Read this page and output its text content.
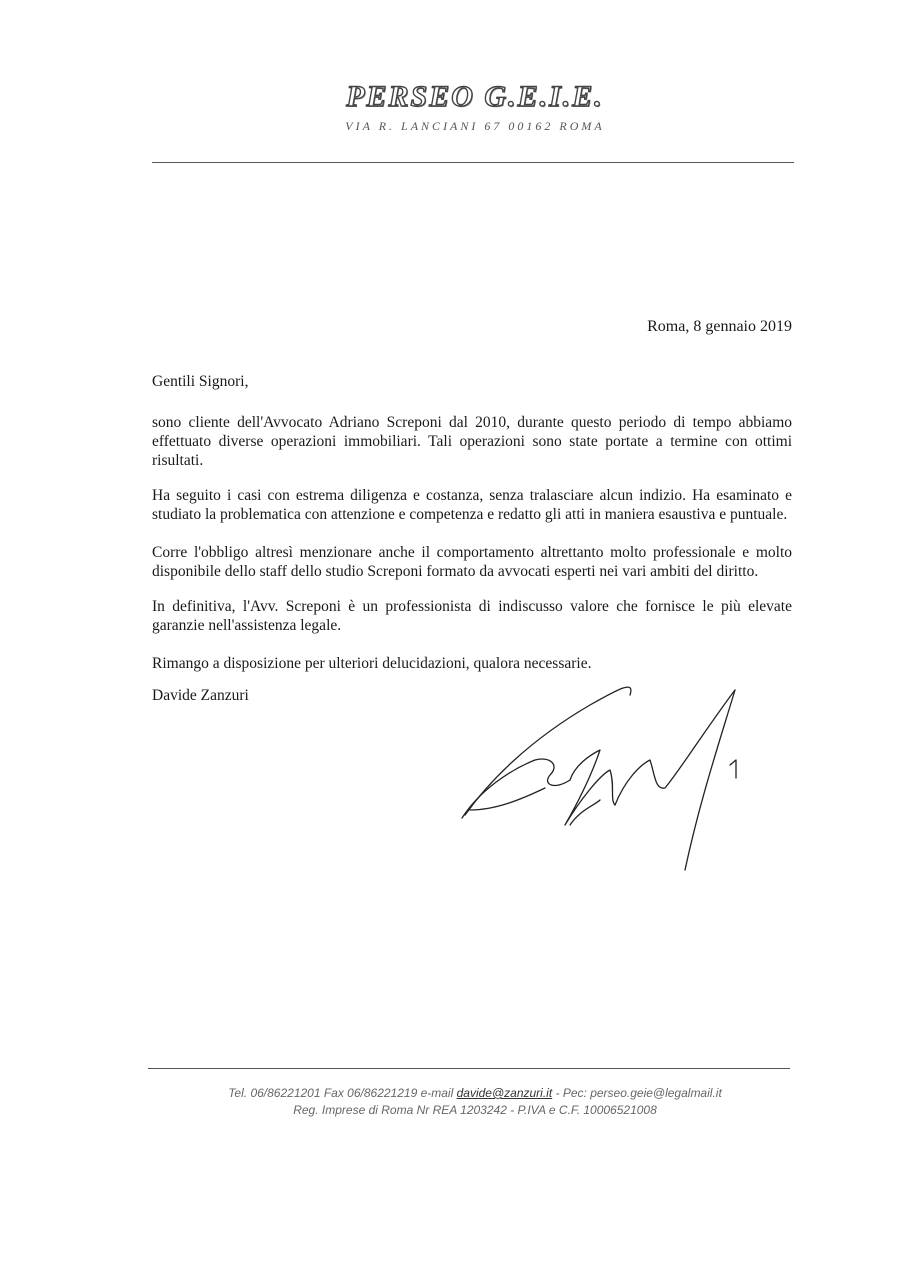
PERSEO G.E.I.E.
VIA R. LANCIANI 67 00162 ROMA
Roma, 8 gennaio 2019

Gentili Signori,

sono cliente dell'Avvocato Adriano Screponi dal 2010, durante questo periodo di tempo abbiamo effettuato diverse operazioni immobiliari. Tali operazioni sono state portate a termine con ottimi risultati.

Ha seguito i casi con estrema diligenza e costanza, senza tralasciare alcun indizio. Ha esaminato e studiato la problematica con attenzione e competenza e redatto gli atti in maniera esaustiva e puntuale.

Corre l'obbligo altresì menzionare anche il comportamento altrettanto molto professionale e molto disponibile dello staff dello studio Screponi formato da avvocati esperti nei vari ambiti del diritto.

In definitiva, l'Avv. Screponi è un professionista di indiscusso valore che fornisce le più elevate garanzie nell'assistenza legale.

Rimango a disposizione per ulteriori delucidazioni, qualora necessarie.

Davide Zanzuri
Tel. 06/86221201 Fax 06/86221219 e-mail davide@zanzuri.it - Pec: perseo.geie@legalmail.it
Reg. Imprese di Roma Nr REA 1203242 - P.IVA e C.F. 10006521008
